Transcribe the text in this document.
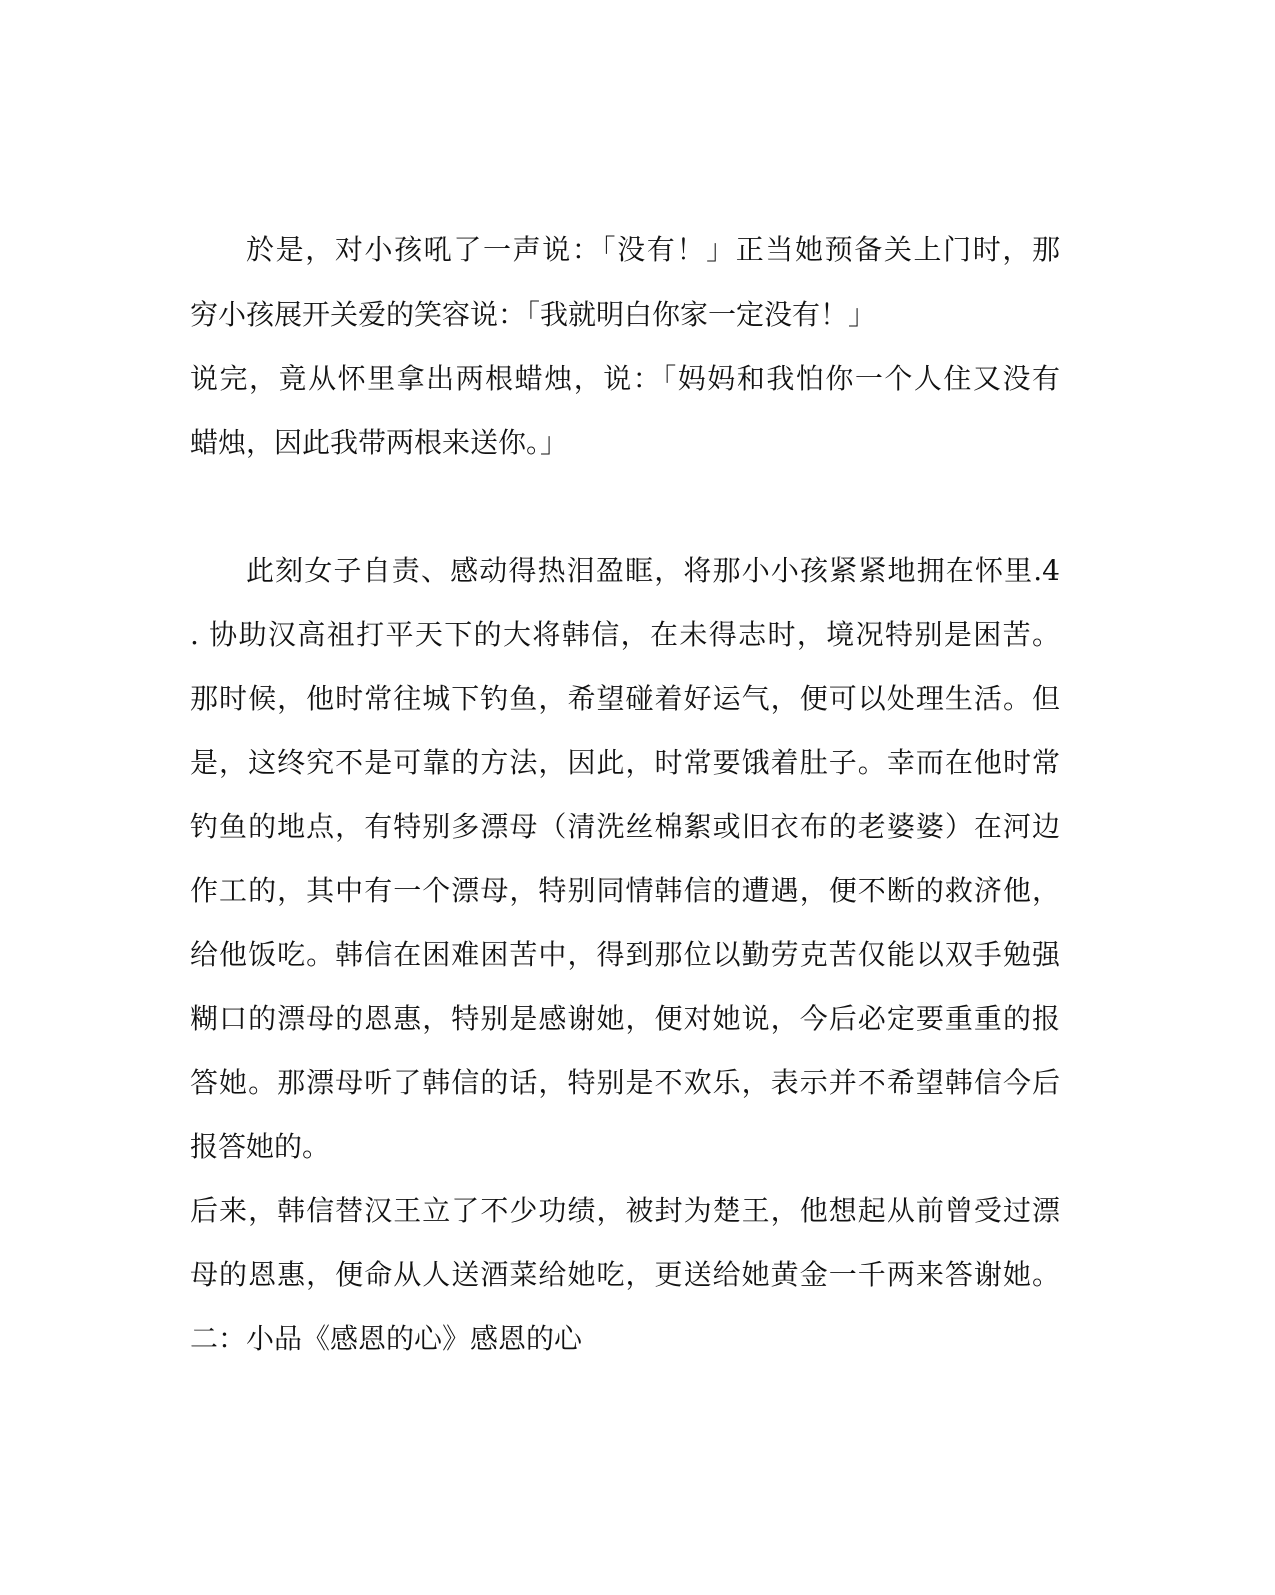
於是，对小孩吼了一声说：「没有！」正当她预备关上门时，那
穷小孩展开关爱的笑容说：「我就明白你家一定没有！」
说完，竟从怀里拿出两根蜡烛，说：「妈妈和我怕你一个人住又没有
蜡烛，因此我带两根来送你。」
此刻女子自责、感动得热泪盈眶，将那小小孩紧紧地拥在怀里.4
. 协助汉高祖打平天下的大将韩信，在未得志时，境况特别是困苦。
那时候，他时常往城下钓鱼，希望碰着好运气，便可以处理生活。但
是，这终究不是可靠的方法，因此，时常要饿着肚子。幸而在他时常
钓鱼的地点，有特别多漂母（清洗丝棉絮或旧衣布的老婆婆）在河边
作工的，其中有一个漂母，特别同情韩信的遭遇，便不断的救济他，
给他饭吃。韩信在困难困苦中，得到那位以勤劳克苦仅能以双手勉强
糊口的漂母的恩惠，特别是感谢她，便对她说，今后必定要重重的报
答她。那漂母听了韩信的话，特别是不欢乐，表示并不希望韩信今后
报答她的。
后来，韩信替汉王立了不少功绩，被封为楚王，他想起从前曾受过漂
母的恩惠，便命从人送酒菜给她吃，更送给她黄金一千两来答谢她。
二：小品《感恩的心》感恩的心
